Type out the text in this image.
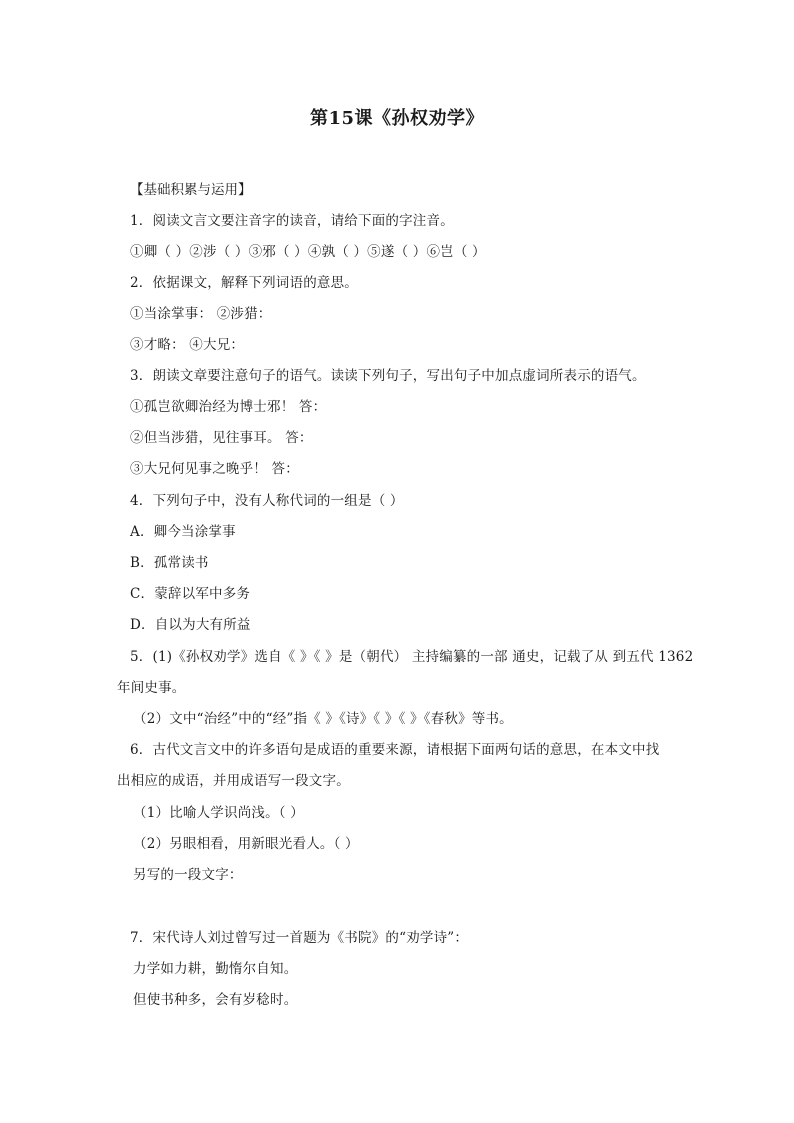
第15课《孙权劝学》
【基础积累与运用】
1．阅读文言文要注音字的读音，请给下面的字注音。
①卿（ ）②涉（ ）③邪（ ）④孰（ ）⑤遂（ ）⑥岂（ ）
2．依据课文，解释下列词语的意思。
①当涂掌事： ②涉猎：
③才略： ④大兄：
3．朗读文章要注意句子的语气。读读下列句子，写出句子中加点虚词所表示的语气。
①孤岂欲卿治经为博士邪！ 答：
②但当涉猎，见往事耳。 答：
③大兄何见事之晚乎！ 答：
4．下列句子中，没有人称代词的一组是（ ）
A．卿今当涂掌事
B．孤常读书
C．蒙辞以军中多务
D．自以为大有所益
5．(1)《孙权劝学》选自《 》《 》是（朝代） 主持编纂的一部 通史，记载了从 到五代 1362
年间史事。
（2）文中“治经”中的“经”指《 》《诗》《 》《 》《春秋》等书。
6．古代文言文中的许多语句是成语的重要来源，请根据下面两句话的意思，在本文中找
出相应的成语，并用成语写一段文字。
（1）比喻人学识尚浅。（ ）
（2）另眼相看，用新眼光看人。（ ）
另写的一段文字：
7．宋代诗人刘过曾写过一首题为《书院》的“劝学诗”：
力学如力耕，勤惰尔自知。
但使书种多，会有岁稔时。
